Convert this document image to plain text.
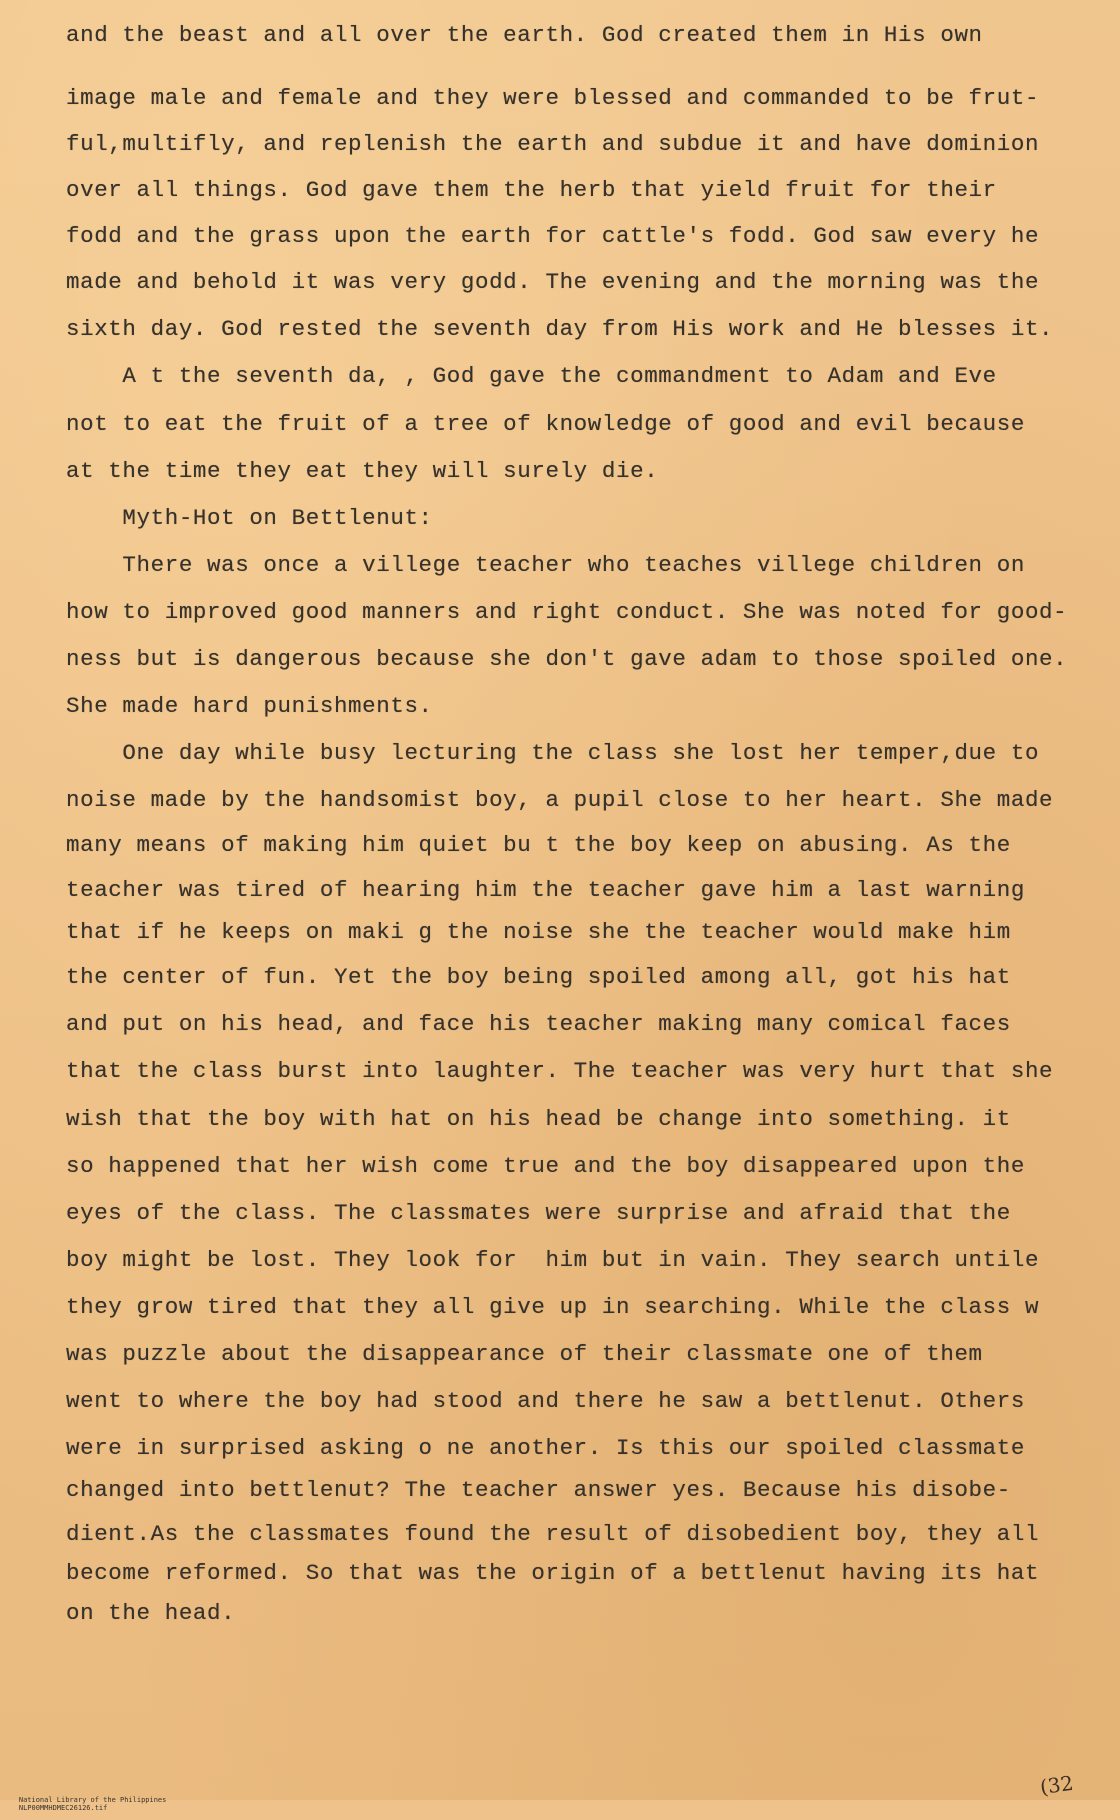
and the beast and all over the earth. God created them in His own
image male and female and they were blessed and commanded to be frut-
ful,multifly, and replenish the earth and subdue it and have dominion
over all things. God gave them the herb that yield fruit for their
fodd and the grass upon the earth for cattle's fodd. God saw every he
made and behold it was very godd. The evening and the morning was the
sixth day. God rested the seventh day from His work and He blesses it.
A t the seventh da, , God gave the commandment to Adam and Eve
not to eat the fruit of a tree of knowledge of good and evil because
at the time they eat they will surely die.
Myth-Hot on Bettlenut:
There was once a villege teacher who teaches villege children on
how to improved good manners and right conduct. She was noted for good-
ness but is dangerous because she don't gave adam to those spoiled one.
She made hard punishments.
One day while busy lecturing the class she lost her temper,due to
noise made by the handsomist boy, a pupil close to her heart. She made
many means of making him quiet bu t the boy keep on abusing. As the
teacher was tired of hearing him the teacher gave him a last warning
that if he keeps on maki g the noise she the teacher would make him
the center of fun. Yet the boy being spoiled among all, got his hat
and put on his head, and face his teacher making many comical faces
that the class burst into laughter. The teacher was very hurt that she
wish that the boy with hat on his head be change into something. it
so happened that her wish come true and the boy disappeared upon the
eyes of the class. The classmates were surprise and afraid that the
boy might be lost. They look for  him but in vain. They search untile
they grow tired that they all give up in searching. While the class w
was puzzle about the disappearance of their classmate one of them
went to where the boy had stood and there he saw a bettlenut. Others
were in surprised asking o ne another. Is this our spoiled classmate
changed into bettlenut? The teacher answer yes. Because his disobe-
dient.As the classmates found the result of disobedient boy, they all
become reformed. So that was the origin of a bettlenut having its hat
on the head.

National Library of the Philippines
NLP00MMHDMEC26126.tif

(32
